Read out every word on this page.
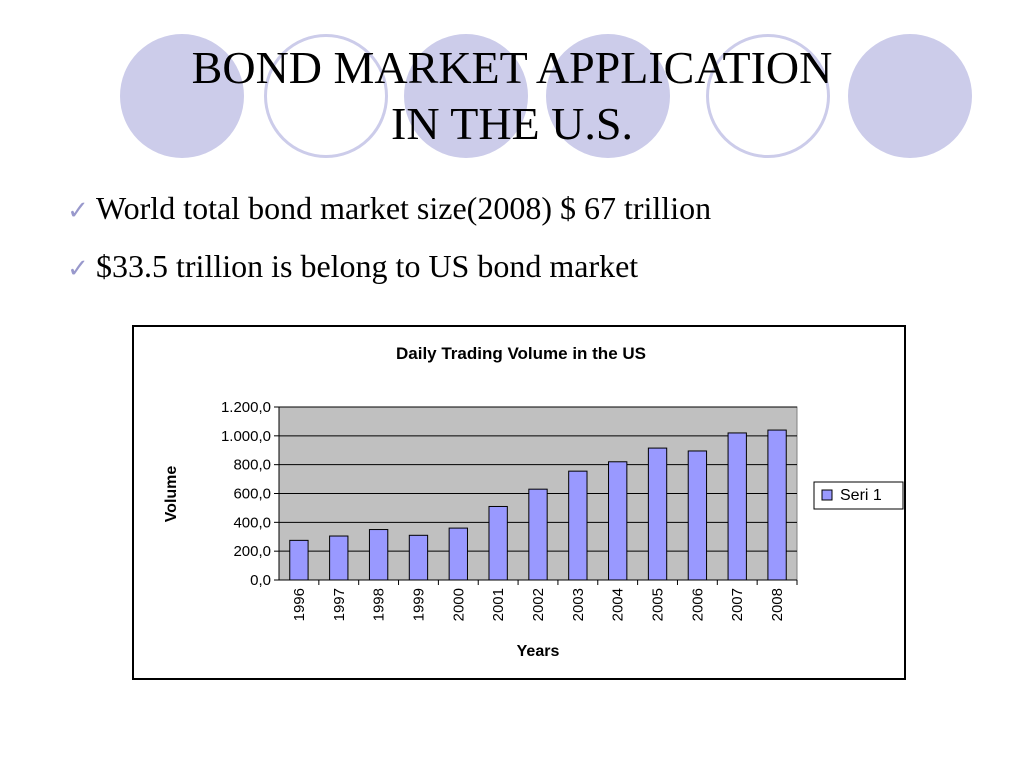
BOND MARKET APPLICATION
IN THE U.S.
✓ World total bond market size(2008) $ 67 trillion
✓ $33.5 trillion is belong to US bond market
Daily Trading Volume in the US
0,0
200,0
400,0
600,0
800,0
1.000,0
1.200,0
1996 1997 1998 1999 2000 2001 2002 2003 2004 2005 2006 2007 2008
Years
Volume	Seri 1
